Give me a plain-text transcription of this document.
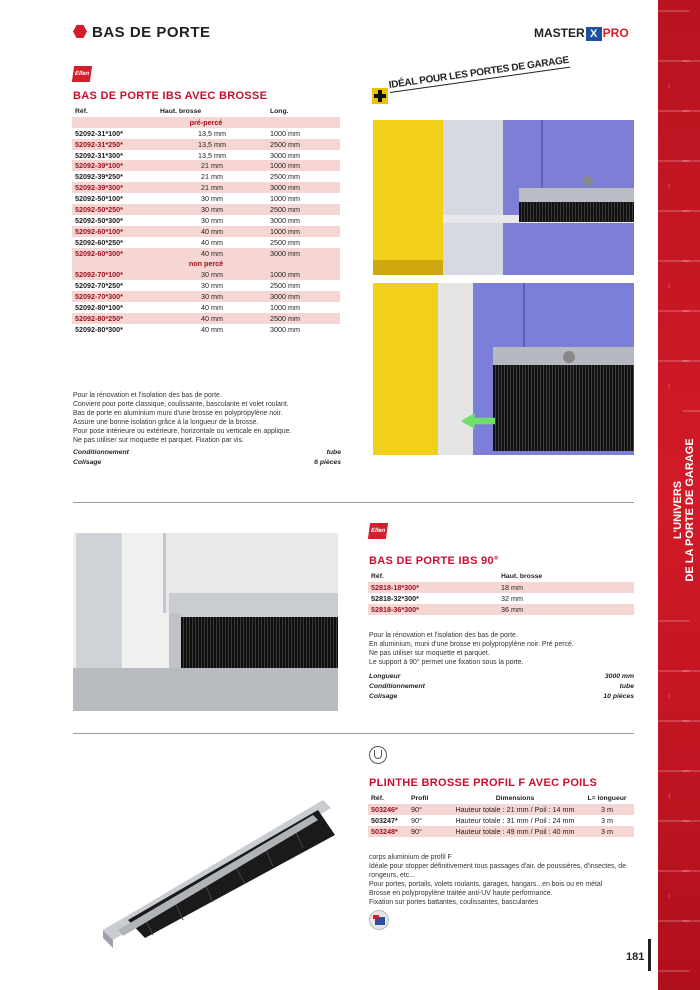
L'UNIVERS DE LA PORTE DE GARAGE
BAS DE PORTE	MASTER X PRO
Ellen
BAS DE PORTE IBS AVEC BROSSE
Réf.	Haut. brosse	Long.
pré-percé		
52092-31*100*	13,5 mm	1000 mm
52092-31*250*	13,5 mm	2500 mm
52092-31*300*	13,5 mm	3000 mm
52092-39*100*	21 mm	1000 mm
52092-39*250*	21 mm	2500 mm
52092-39*300*	21 mm	3000 mm
52092-50*100*	30 mm	1000 mm
52092-50*250*	30 mm	2500 mm
52092-50*300*	30 mm	3000 mm
52092-60*100*	40 mm	1000 mm
52092-60*250*	40 mm	2500 mm
52092-60*300*	40 mm	3000 mm
non percé		
52092-70*100*	30 mm	1000 mm
52092-70*250*	30 mm	2500 mm
52092-70*300*	30 mm	3000 mm
52092-80*100*	40 mm	1000 mm
52092-80*250*	40 mm	2500 mm
52092-80*300*	40 mm	3000 mm
Pour la rénovation et l'isolation des bas de porte.
Convient pour porte classique, coulissante, basculante et volet roulant.
Bas de porte en aluminium muni d'une brosse en polypropylène noir.
Assure une bonne isolation grâce à la longueur de la brosse.
Pour pose intérieure ou extérieure, horizontale ou verticale en applique.
Ne pas utiliser sur moquette et parquet. Fixation par vis.
Conditionnement	tube
Colisage	6 pièces
IDÉAL POUR LES PORTES DE GARAGE
Ellen
BAS DE PORTE IBS 90°
Réf.	Haut. brosse
52818-18*300*	18 mm
52818-32*300*	32 mm
52818-36*300*	36 mm
Pour la rénovation et l'isolation des bas de porte.
En aluminium, muni d'une brosse en polypropylène noir. Pré percé.
Ne pas utiliser sur moquette et parquet.
Le support à 90° permet une fixation sous la porte.
Longueur	3000 mm
Conditionnement	tube
Colisage	10 pièces
PLINTHE BROSSE PROFIL F AVEC POILS
Réf.	Profil	Dimensions	L= longueur
503246*	90°	Hauteur totale : 21 mm / Poil : 14 mm	3 m
503247*	90°	Hauteur totale : 31 mm / Poil : 24 mm	3 m
503248*	90°	Hauteur totale : 49 mm / Poil : 40 mm	3 m
corps aluminium de profil F
Idéale pour stopper définitivement tous passages d'air, de poussières, d'insectes, de
rongeurs, etc...
Pour portes, portails, volets roulants, garages, hangars...en bois ou en métal
Brosse en polypropylène traitée anti-UV haute performance.
Fixation sur portes battantes, coulissantes, basculantes
181
